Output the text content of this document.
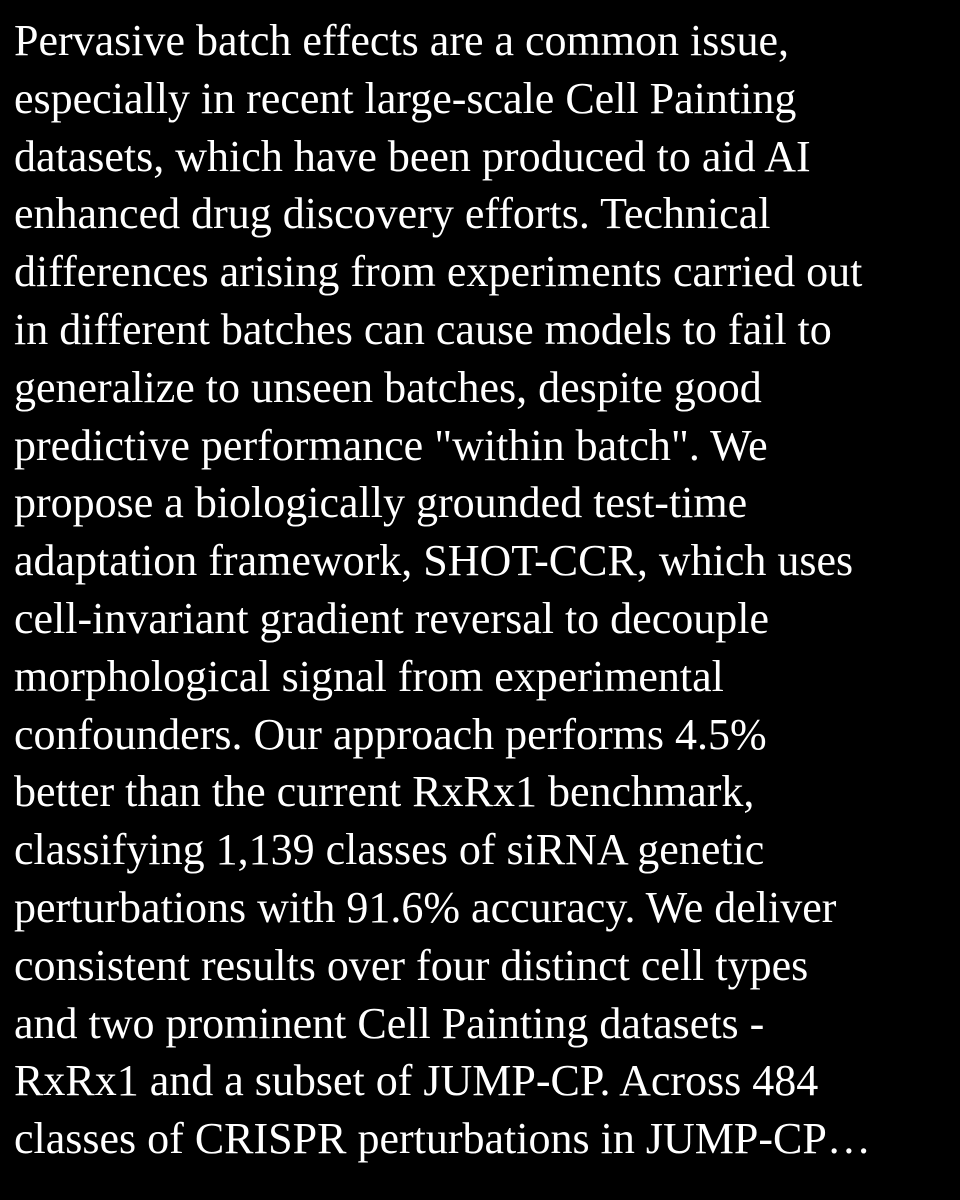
Pervasive batch effects are a common issue,
especially in recent large-scale Cell Painting
datasets, which have been produced to aid AI
enhanced drug discovery efforts. Technical
differences arising from experiments carried out
in different batches can cause models to fail to
generalize to unseen batches, despite good
predictive performance "within batch". We
propose a biologically grounded test-time
adaptation framework, SHOT-CCR, which uses
cell-invariant gradient reversal to decouple
morphological signal from experimental
confounders. Our approach performs 4.5%
better than the current RxRx1 benchmark,
classifying 1,139 classes of siRNA genetic
perturbations with 91.6% accuracy. We deliver
consistent results over four distinct cell types
and two prominent Cell Painting datasets -
RxRx1 and a subset of JUMP-CP. Across 484
classes of CRISPR perturbations in JUMP-CP…
